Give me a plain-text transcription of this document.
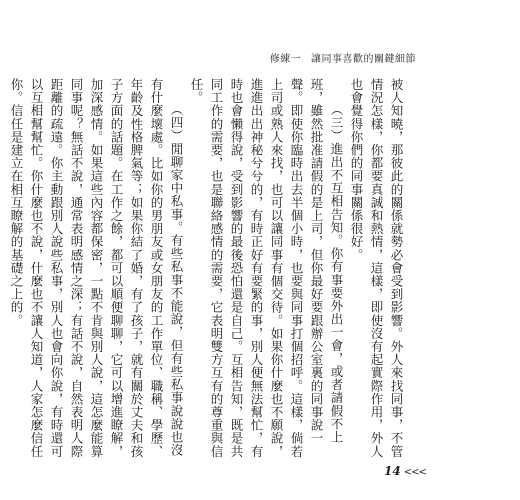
修練一 讓同事喜歡的關鍵細節

被人知曉，那彼此的關係就勢必會受到影響。外人來找同事，不管情況怎樣，你都要真誠和熱情，這樣，即使沒有起實際作用，外人也會覺得你們的同事關係很好。

（三）進出不互相告知。你有事要外出一會，或者請假不上班，雖然批准請假的是上司，但你最好要跟辦公室裏的同事說一聲。即使你臨時出去半個小時，也要與同事打個招呼。這樣，倘若上司或熟人來找，也可以讓同事有個交待。如果你什麼也不願說，進進出出神秘兮兮的，有時正好有要緊的事，別人便無法幫忙，有時也會懶得說，受到影響的最後恐怕還是自己。互相告知，既是共同工作的需要，也是聯絡感情的需要，它表明雙方互有的尊重與信任。

（四）閒聊家中私事。有些私事不能說，但有些私事說說也沒有什麼壞處。比如你的男朋友或女朋友的工作單位、職稱、學歷、年齡及性格脾氣等；如果你結了婚，有了孩子，就有關於丈夫和孩子方面的話題。在工作之餘，都可以順便聊聊，它可以增進瞭解，加深感情。如果這些內容都保密，一點不肯與別人說，這怎麼能算同事呢？無話不說，通常表明感情之深；有話不說，自然表明人際距離的疏遠。你主動跟別人說些私事，別人也會向你說，有時還可以互相幫幫忙。你什麼也不說，什麼也不讓人知道，人家怎麼信任你。信任是建立在相互瞭解的基礎之上的。

14 <<<
